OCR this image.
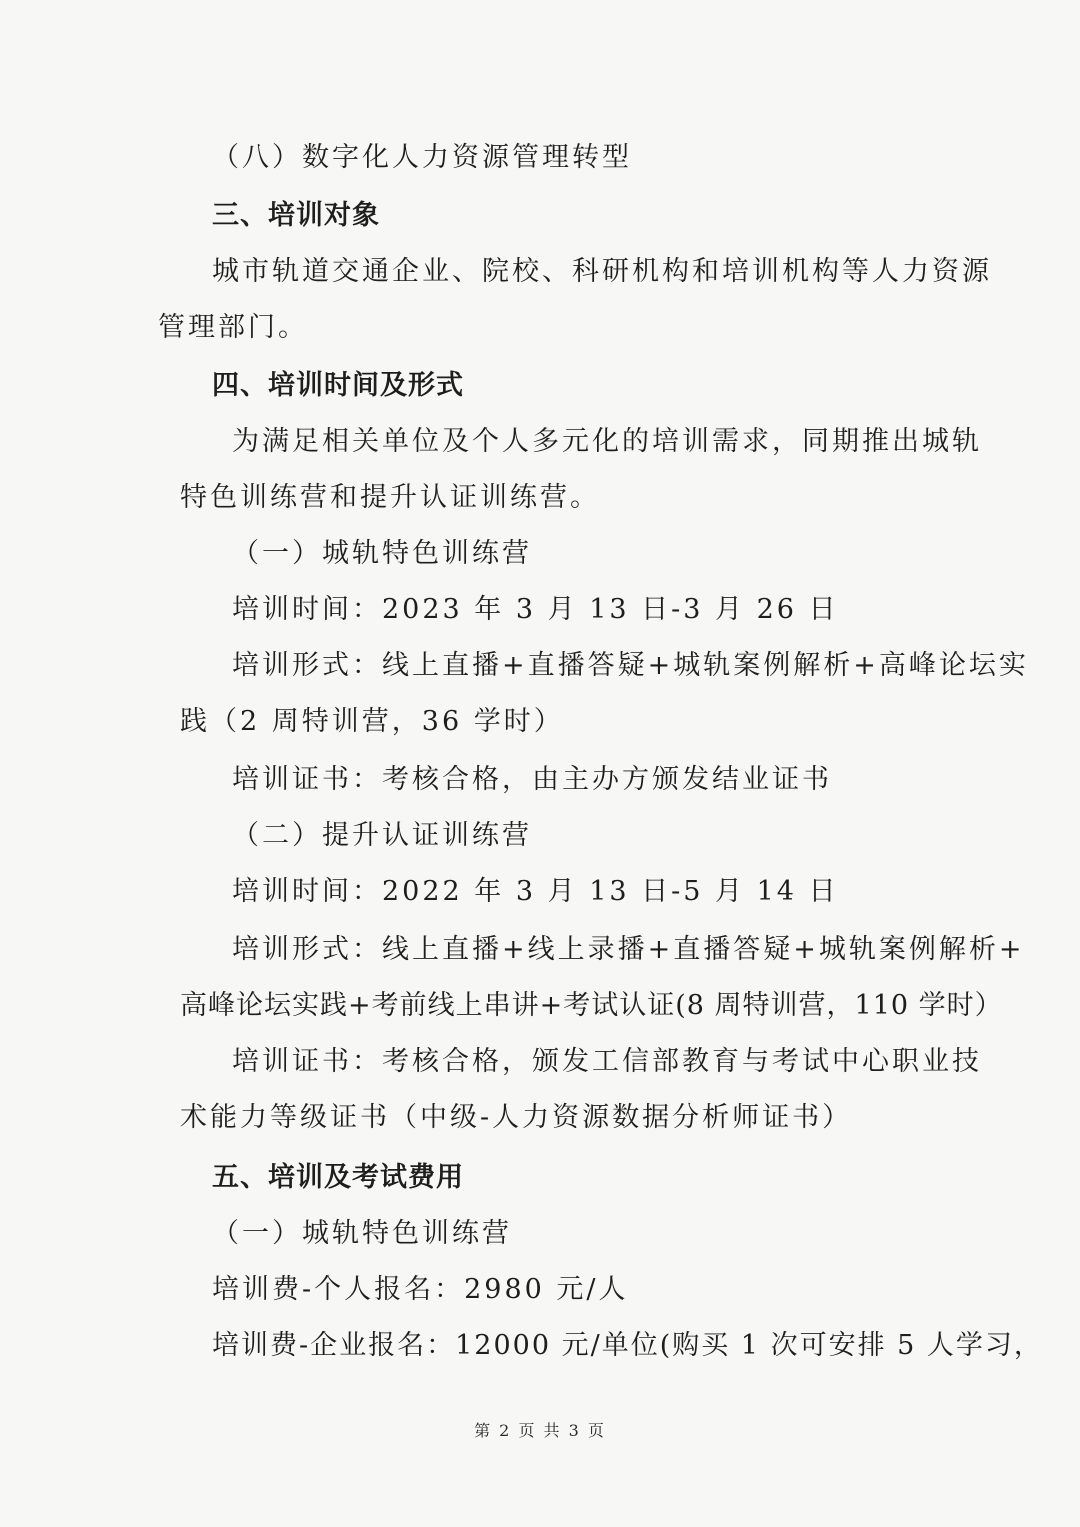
（八）数字化人力资源管理转型
三、培训对象
城市轨道交通企业、院校、科研机构和培训机构等人力资源
管理部门。
四、培训时间及形式
为满足相关单位及个人多元化的培训需求，同期推出城轨
特色训练营和提升认证训练营。
（一）城轨特色训练营
培训时间：2023 年 3 月 13 日-3 月 26 日
培训形式：线上直播+直播答疑+城轨案例解析+高峰论坛实
践（2 周特训营，36 学时）
培训证书：考核合格，由主办方颁发结业证书
（二）提升认证训练营
培训时间：2022 年 3 月 13 日-5 月 14 日
培训形式：线上直播+线上录播+直播答疑+城轨案例解析+
高峰论坛实践+考前线上串讲+考试认证(8 周特训营，110 学时）
培训证书：考核合格，颁发工信部教育与考试中心职业技
术能力等级证书（中级-人力资源数据分析师证书）
五、培训及考试费用
（一）城轨特色训练营
培训费-个人报名：2980 元/人
培训费-企业报名：12000 元/单位(购买 1 次可安排 5 人学习，
第 2 页 共 3 页
